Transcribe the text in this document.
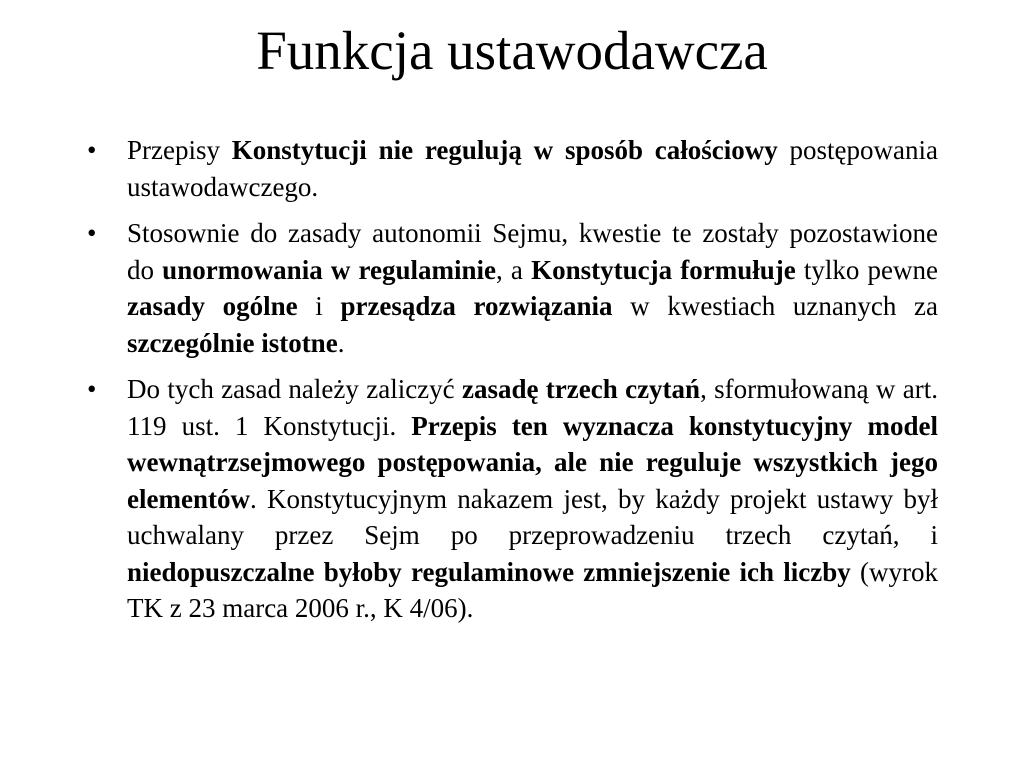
Funkcja ustawodawcza
•	Przepisy Konstytucji nie regulują w sposób całościowy postępowania ustawodawczego.
•	Stosownie do zasady autonomii Sejmu, kwestie te zostały pozostawione do unormowania w regulaminie, a Konstytucja formułuje tylko pewne zasady ogólne i przesądza rozwiązania w kwestiach uznanych za szczególnie istotne.
•	Do tych zasad należy zaliczyć zasadę trzech czytań, sformułowaną w art. 119 ust. 1 Konstytucji. Przepis ten wyznacza konstytucyjny model wewnątrzsejmowego postępowania, ale nie reguluje wszystkich jego elementów. Konstytucyjnym nakazem jest, by każdy projekt ustawy był uchwalany przez Sejm po przeprowadzeniu trzech czytań, i niedopuszczalne byłoby regulaminowe zmniejszenie ich liczby (wyrok TK z 23 marca 2006 r., K 4/06).
